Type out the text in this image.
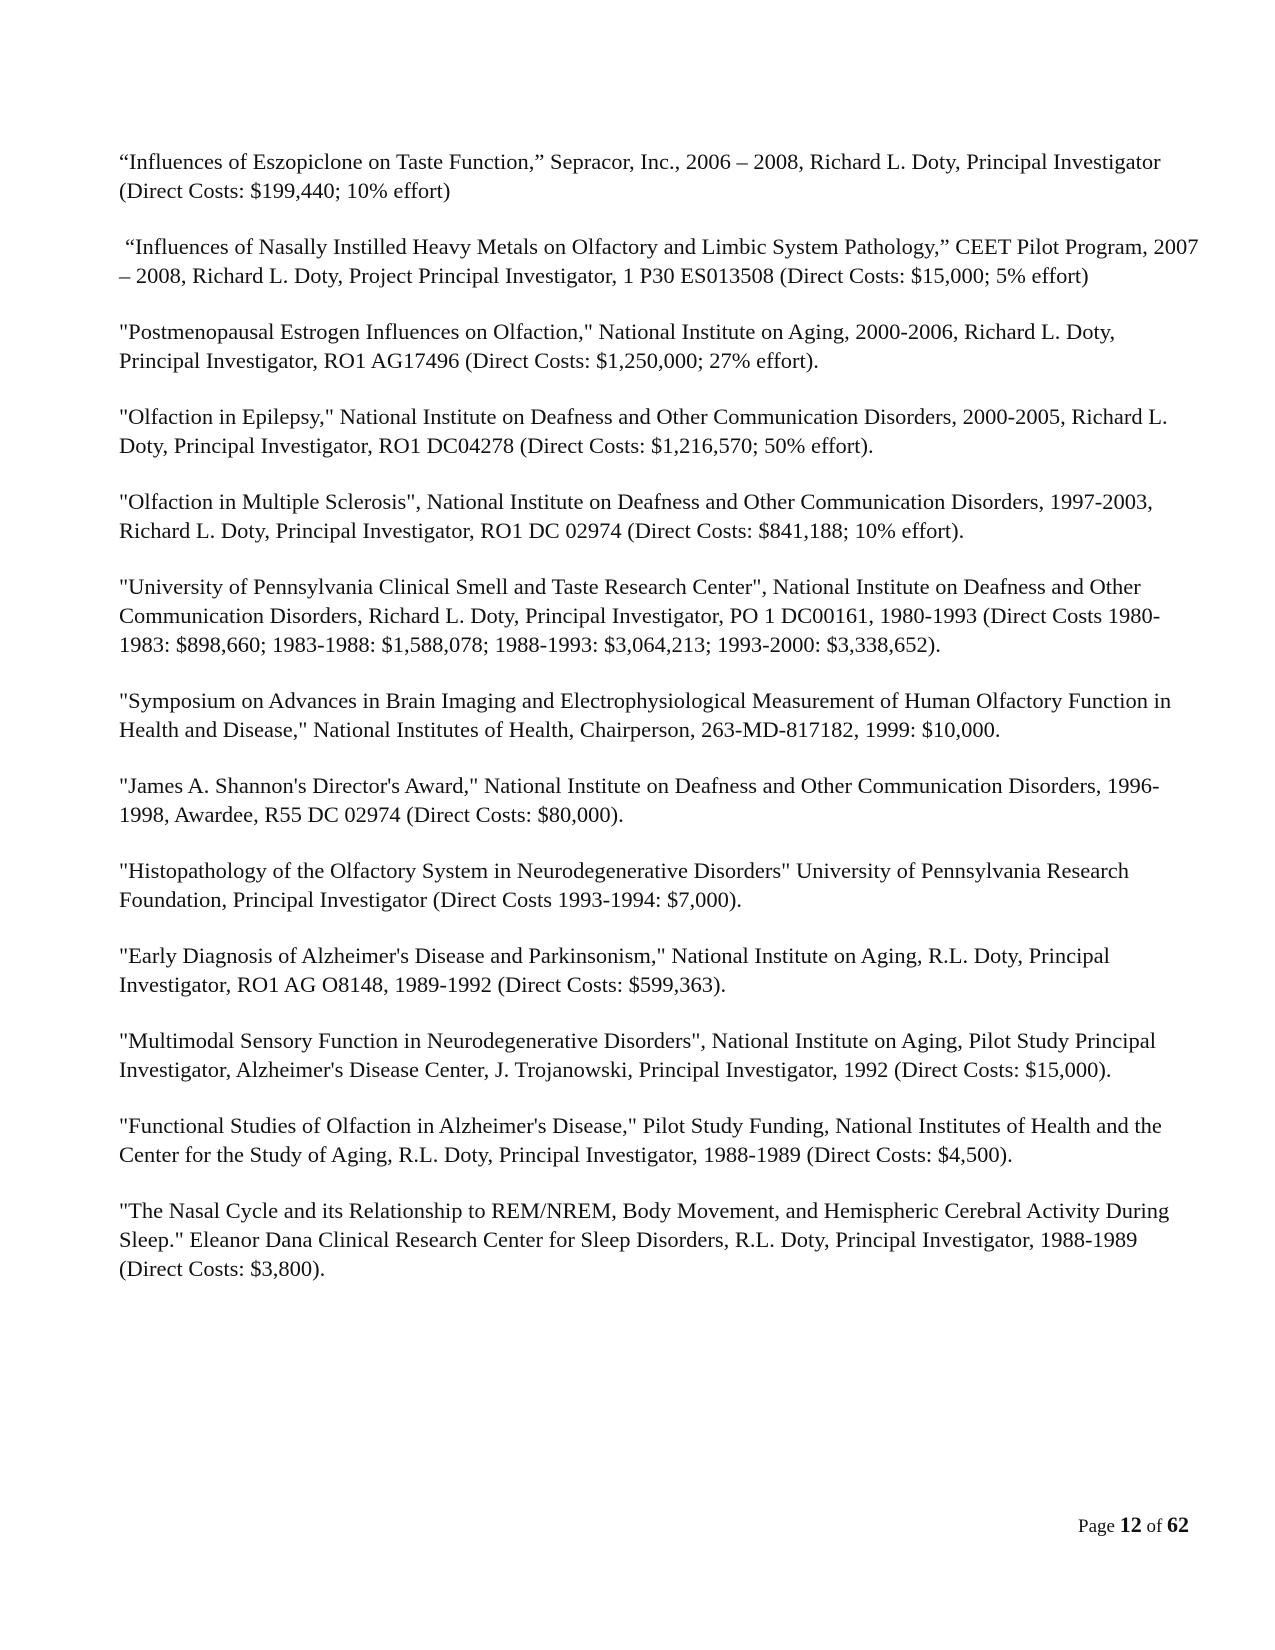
“Influences of Eszopiclone on Taste Function,” Sepracor, Inc., 2006 – 2008, Richard L. Doty, Principal Investigator (Direct Costs: $199,440; 10% effort)

“Influences of Nasally Instilled Heavy Metals on Olfactory and Limbic System Pathology,” CEET Pilot Program, 2007 – 2008, Richard L. Doty, Project Principal Investigator, 1 P30 ES013508 (Direct Costs: $15,000; 5% effort)

"Postmenopausal Estrogen Influences on Olfaction," National Institute on Aging, 2000-2006, Richard L. Doty, Principal Investigator, RO1 AG17496 (Direct Costs: $1,250,000; 27% effort).

"Olfaction in Epilepsy," National Institute on Deafness and Other Communication Disorders, 2000-2005, Richard L. Doty, Principal Investigator, RO1 DC04278 (Direct Costs: $1,216,570; 50% effort).

"Olfaction in Multiple Sclerosis", National Institute on Deafness and Other Communication Disorders, 1997-2003, Richard L. Doty, Principal Investigator, RO1 DC 02974 (Direct Costs: $841,188; 10% effort).

"University of Pennsylvania Clinical Smell and Taste Research Center", National Institute on Deafness and Other Communication Disorders, Richard L. Doty, Principal Investigator, PO 1 DC00161, 1980-1993 (Direct Costs 1980-1983: $898,660; 1983-1988: $1,588,078; 1988-1993: $3,064,213; 1993-2000: $3,338,652).

"Symposium on Advances in Brain Imaging and Electrophysiological Measurement of Human Olfactory Function in Health and Disease," National Institutes of Health, Chairperson, 263-MD-817182, 1999: $10,000.

"James A. Shannon's Director's Award," National Institute on Deafness and Other Communication Disorders, 1996-1998, Awardee, R55 DC 02974 (Direct Costs: $80,000).

"Histopathology of the Olfactory System in Neurodegenerative Disorders" University of Pennsylvania Research Foundation, Principal Investigator (Direct Costs 1993-1994: $7,000).

"Early Diagnosis of Alzheimer's Disease and Parkinsonism," National Institute on Aging, R.L. Doty, Principal Investigator, RO1 AG O8148, 1989-1992 (Direct Costs: $599,363).

"Multimodal Sensory Function in Neurodegenerative Disorders", National Institute on Aging, Pilot Study Principal Investigator, Alzheimer's Disease Center, J. Trojanowski, Principal Investigator, 1992 (Direct Costs: $15,000).

"Functional Studies of Olfaction in Alzheimer's Disease," Pilot Study Funding, National Institutes of Health and the Center for the Study of Aging, R.L. Doty, Principal Investigator, 1988-1989 (Direct Costs: $4,500).

"The Nasal Cycle and its Relationship to REM/NREM, Body Movement, and Hemispheric Cerebral Activity During Sleep." Eleanor Dana Clinical Research Center for Sleep Disorders, R.L. Doty, Principal Investigator, 1988-1989 (Direct Costs: $3,800).

Page 12 of 62
